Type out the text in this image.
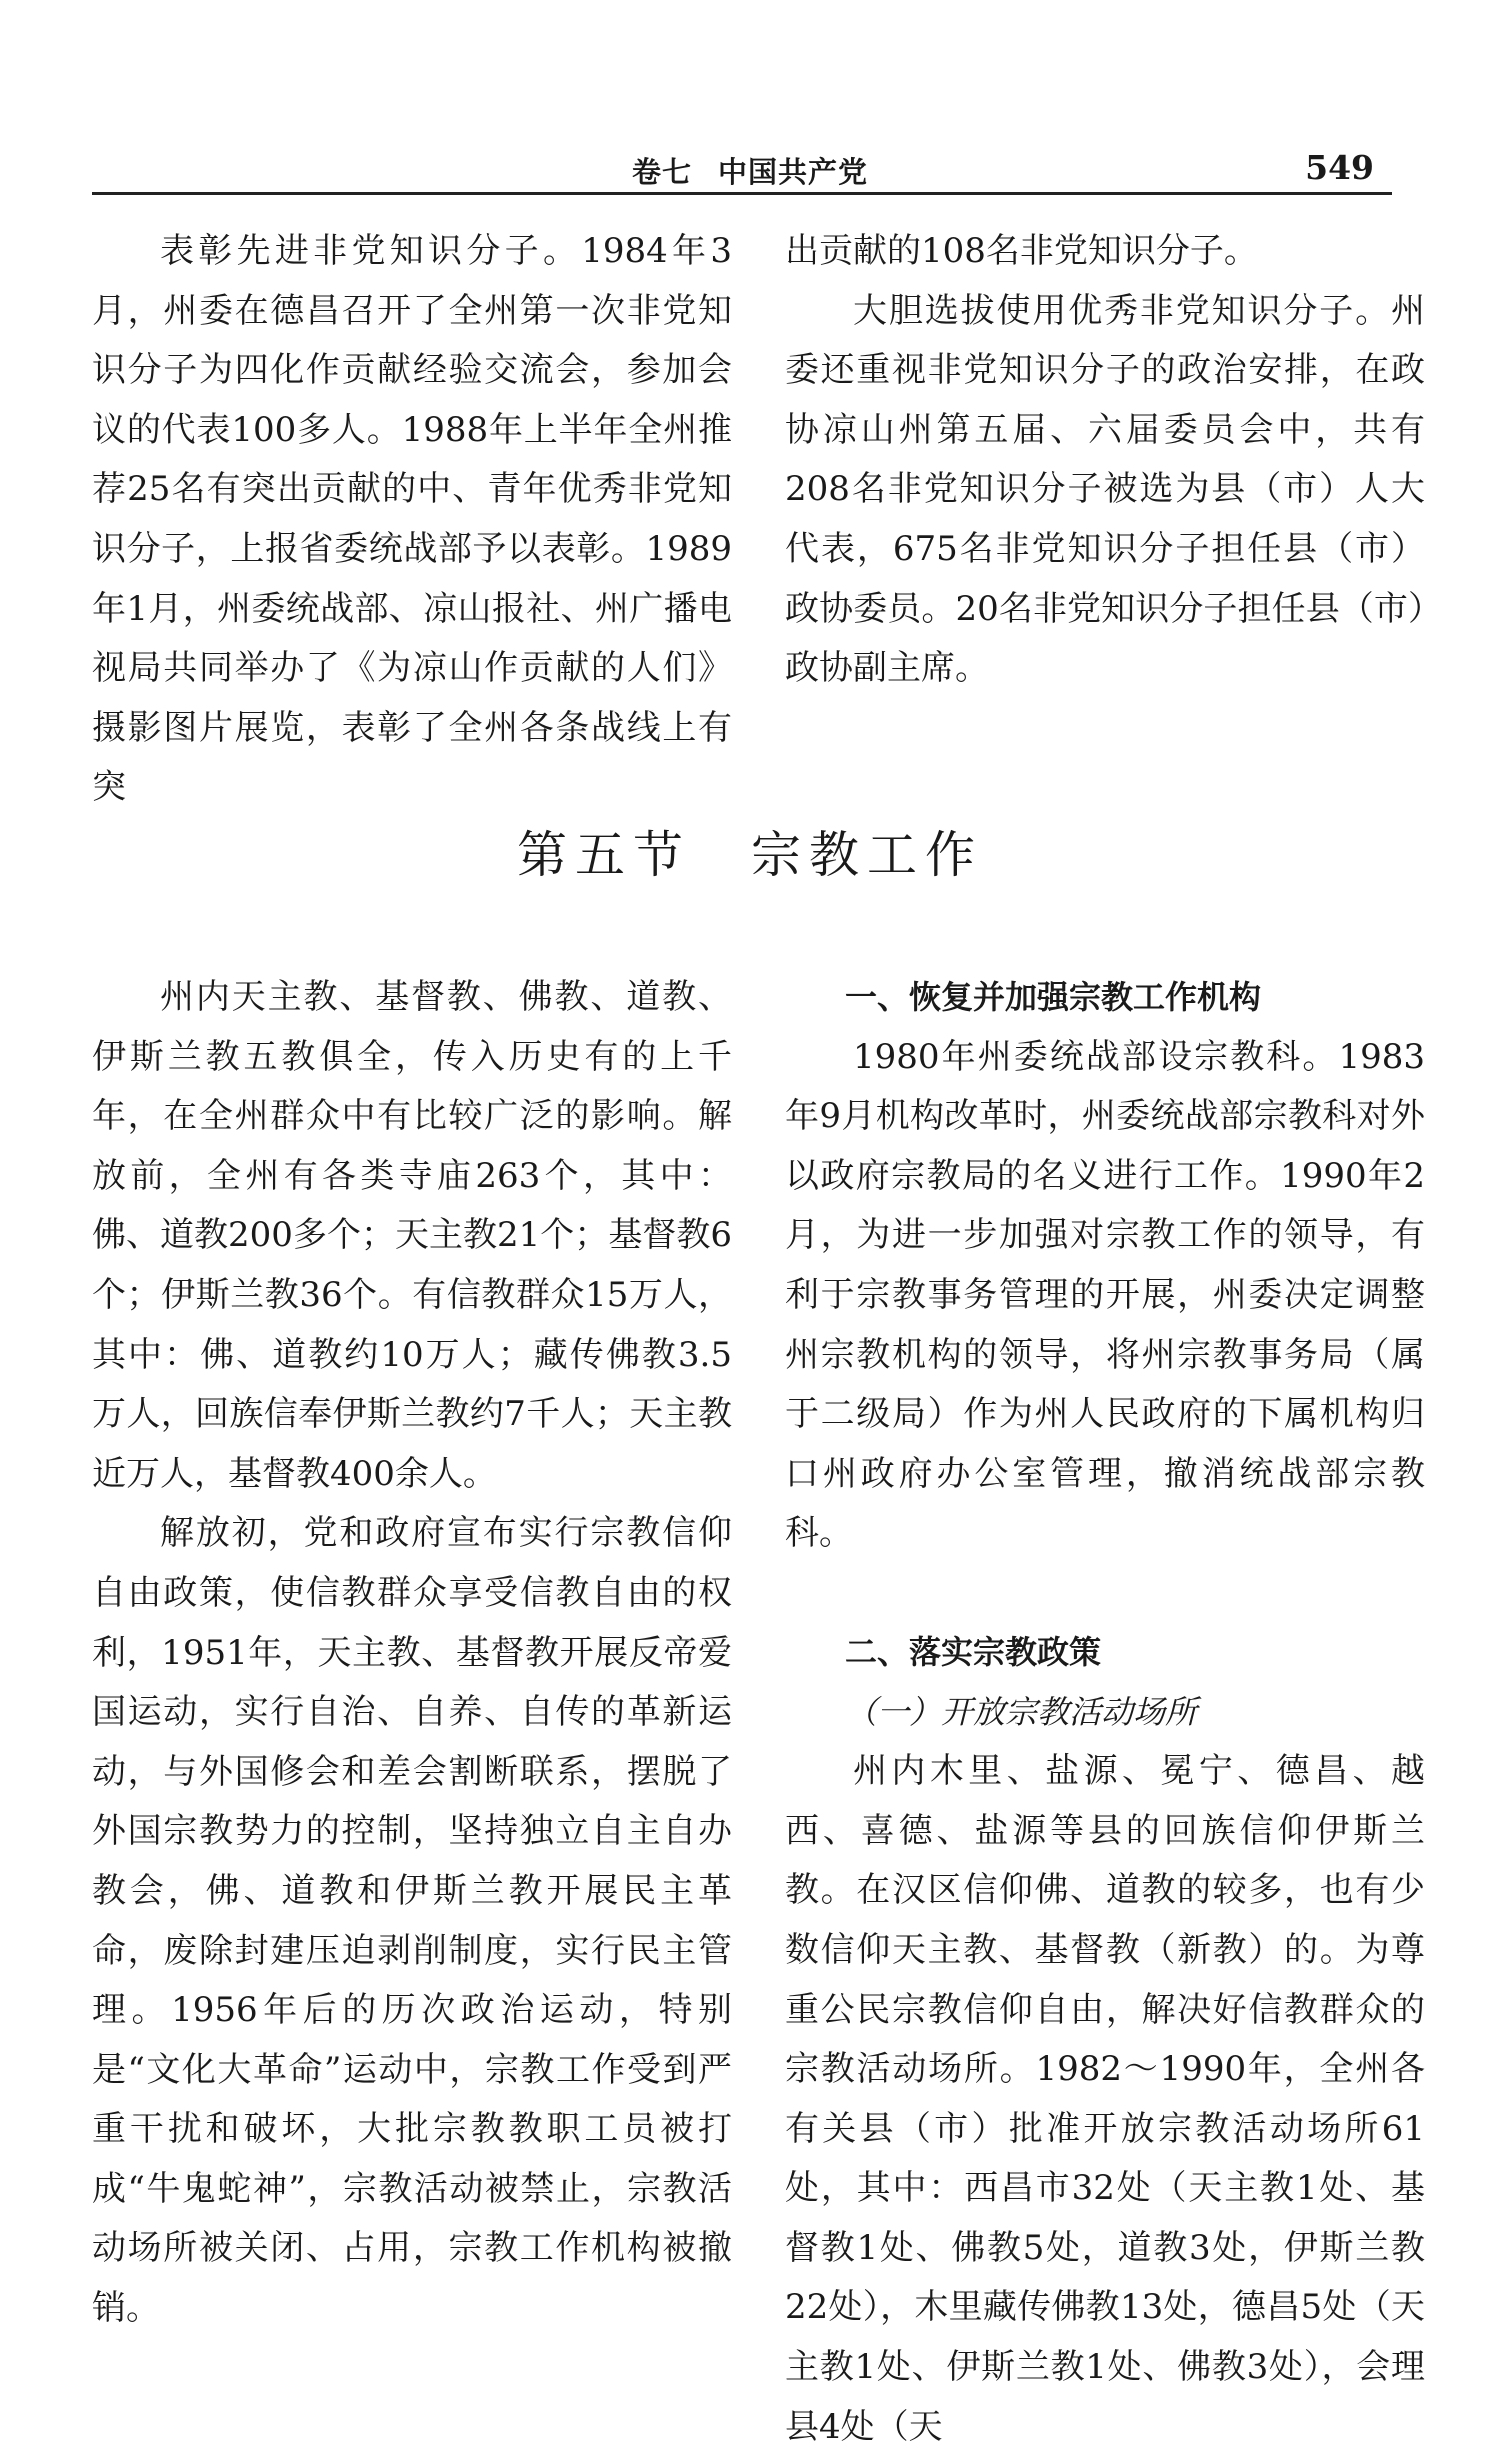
卷七 中国共产党	549

表彰先进非党知识分子。1984年3月，州委在德昌召开了全州第一次非党知识分子为四化作贡献经验交流会，参加会议的代表100多人。1988年上半年全州推荐25名有突出贡献的中、青年优秀非党知识分子，上报省委统战部予以表彰。1989年1月，州委统战部、凉山报社、州广播电视局共同举办了《为凉山作贡献的人们》摄影图片展览，表彰了全州各条战线上有突

出贡献的108名非党知识分子。

大胆选拔使用优秀非党知识分子。州委还重视非党知识分子的政治安排，在政协凉山州第五届、六届委员会中，共有208名非党知识分子被选为县（市）人大代表，675名非党知识分子担任县（市）政协委员。20名非党知识分子担任县（市）政协副主席。

第五节 宗教工作

州内天主教、基督教、佛教、道教、伊斯兰教五教俱全，传入历史有的上千年，在全州群众中有比较广泛的影响。解放前，全州有各类寺庙263个，其中：佛、道教200多个；天主教21个；基督教6个；伊斯兰教36个。有信教群众15万人，其中：佛、道教约10万人；藏传佛教3.5万人，回族信奉伊斯兰教约7千人；天主教近万人，基督教400余人。

解放初，党和政府宣布实行宗教信仰自由政策，使信教群众享受信教自由的权利，1951年，天主教、基督教开展反帝爱国运动，实行自治、自养、自传的革新运动，与外国修会和差会割断联系，摆脱了外国宗教势力的控制，坚持独立自主自办教会，佛、道教和伊斯兰教开展民主革命，废除封建压迫剥削制度，实行民主管理。1956年后的历次政治运动，特别是“文化大革命”运动中，宗教工作受到严重干扰和破坏，大批宗教教职工员被打成“牛鬼蛇神”，宗教活动被禁止，宗教活动场所被关闭、占用，宗教工作机构被撤销。

一、恢复并加强宗教工作机构

1980年州委统战部设宗教科。1983年9月机构改革时，州委统战部宗教科对外以政府宗教局的名义进行工作。1990年2月，为进一步加强对宗教工作的领导，有利于宗教事务管理的开展，州委决定调整州宗教机构的领导，将州宗教事务局（属于二级局）作为州人民政府的下属机构归口州政府办公室管理，撤消统战部宗教科。

二、落实宗教政策

（一）开放宗教活动场所

州内木里、盐源、冕宁、德昌、越西、喜德、盐源等县的回族信仰伊斯兰教。在汉区信仰佛、道教的较多，也有少数信仰天主教、基督教（新教）的。为尊重公民宗教信仰自由，解决好信教群众的宗教活动场所。1982～1990年，全州各有关县（市）批准开放宗教活动场所61处，其中：西昌市32处（天主教1处、基督教1处、佛教5处，道教3处，伊斯兰教22处），木里藏传佛教13处，德昌5处（天主教1处、伊斯兰教1处、佛教3处），会理县4处（天
